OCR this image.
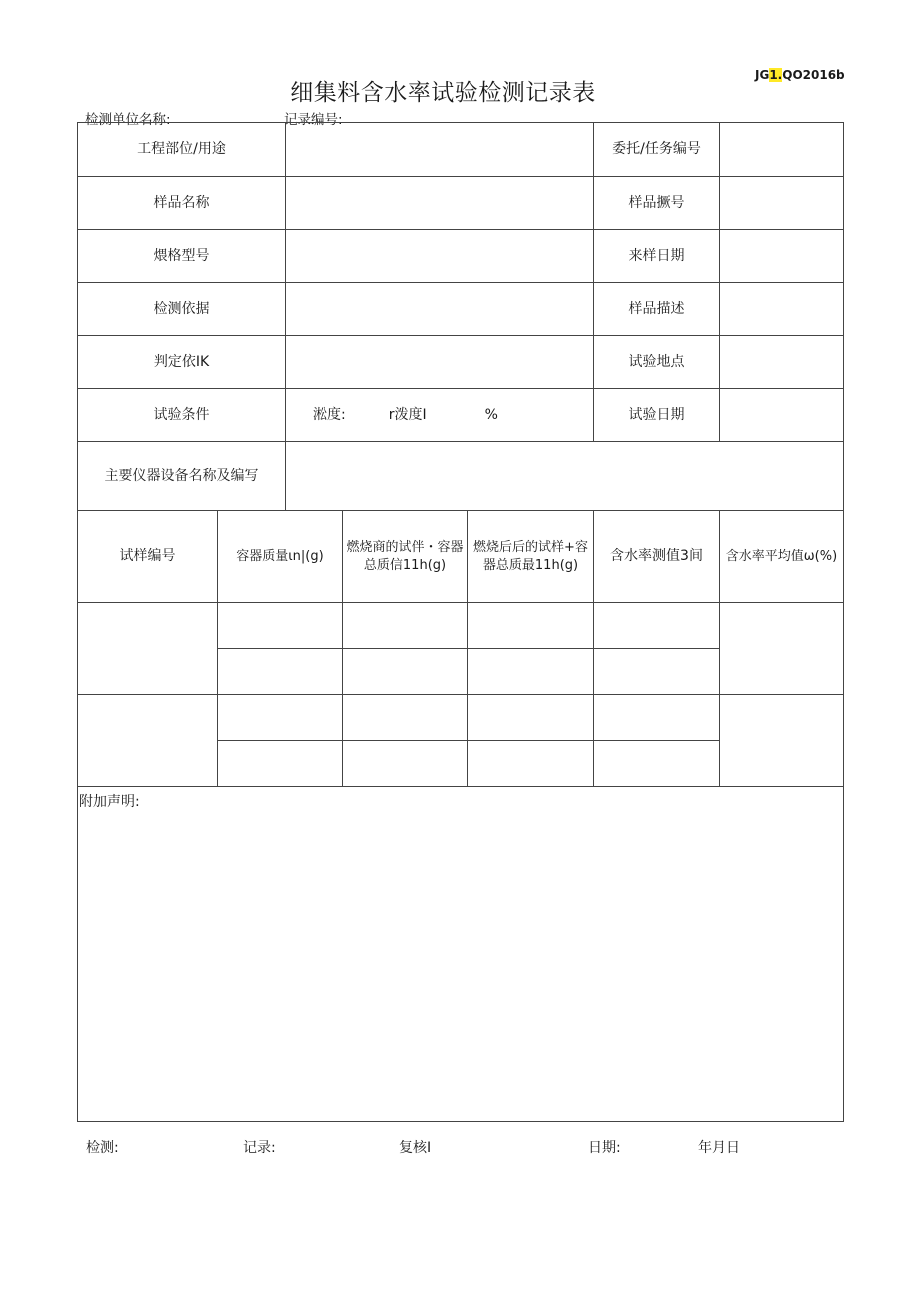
细集料含水率试验检测记录表
JG1.QO2016b
检测单位名称:	记录编号:
工程部位/用途					委托/任务编号	
样品名称					样品撅号	
煨格型号					来样日期	
检测依据					样品描述	
判定依IK					试验地点	
试验条件		淞度: r泼度I %			试验日期	
主要仪器设备名称及编写						
试样编号	容器质量ιn|(g)		燃烧商的试伴・容器总质信11h(g)	燃烧后后的试样+容器总质最11h(g)	含水率测值3间	含水率平均值ω(%)

附加声明:						
检测:	记录:	复核I	日期:	年月日
